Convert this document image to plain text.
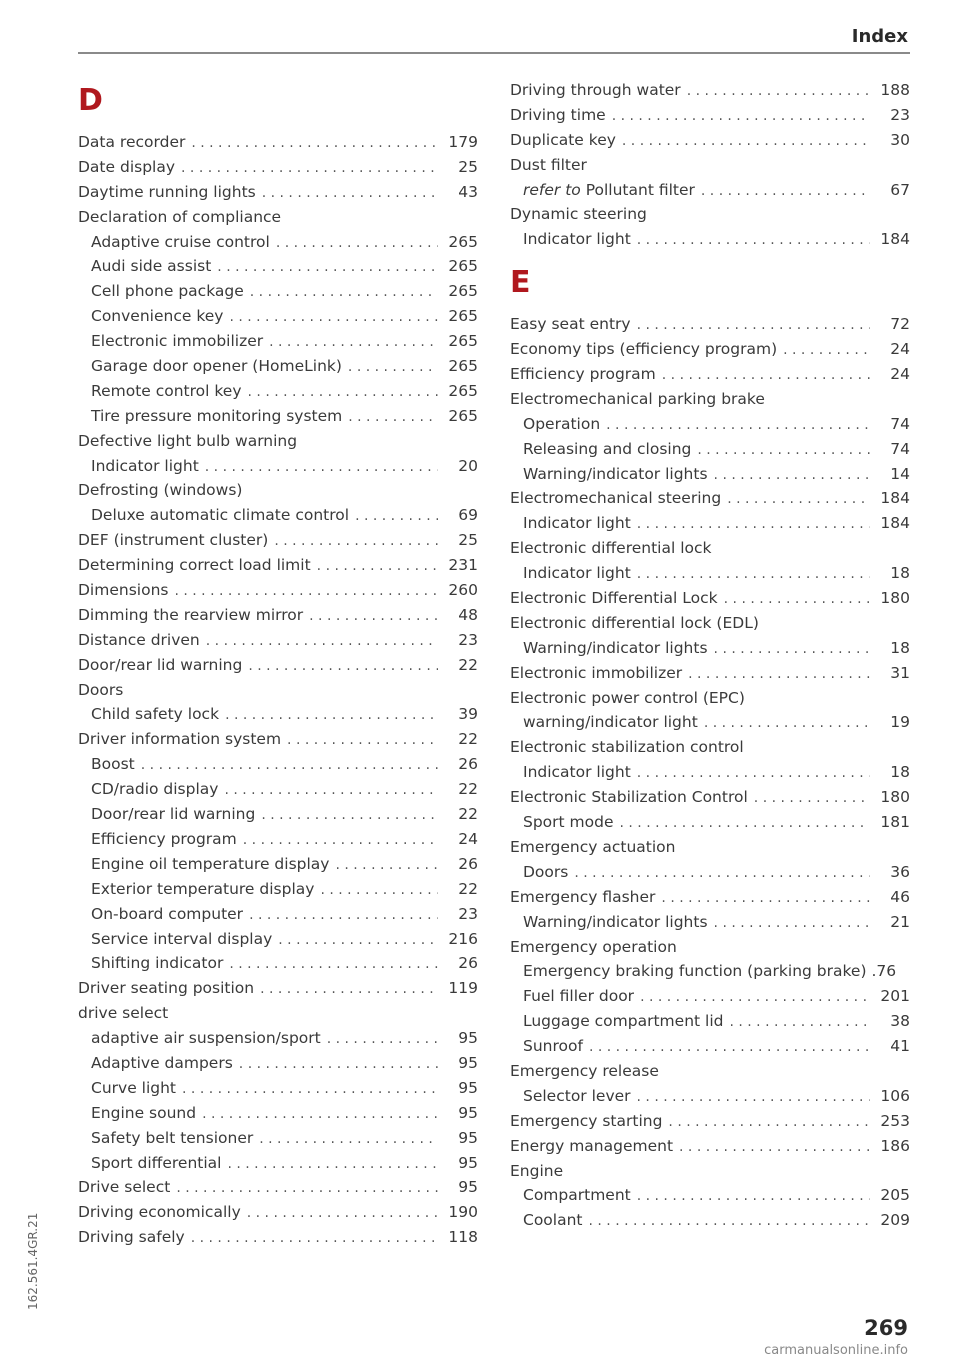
Index
D
Data recorder . . .	179
Date display . . .	25
Daytime running lights . . .	43
Declaration of compliance
Adaptive cruise control . . .	265
Audi side assist . . .	265
Cell phone package . . .	265
Convenience key . . .	265
Electronic immobilizer . . .	265
Garage door opener (HomeLink) . . .	265
Remote control key . . .	265
Tire pressure monitoring system . . .	265
Defective light bulb warning
Indicator light . . .	20
Defrosting (windows)
Deluxe automatic climate control . . .	69
DEF (instrument cluster) . . .	25
Determining correct load limit . . .	231
Dimensions . . .	260
Dimming the rearview mirror . . .	48
Distance driven . . .	23
Door/rear lid warning . . .	22
Doors
Child safety lock . . .	39
Driver information system . . .	22
Boost . . .	26
CD/radio display . . .	22
Door/rear lid warning . . .	22
Efficiency program . . .	24
Engine oil temperature display . . .	26
Exterior temperature display . . .	22
On-board computer . . .	23
Service interval display . . .	216
Shifting indicator . . .	26
Driver seating position . . .	119
drive select
adaptive air suspension/sport . . .	95
Adaptive dampers . . .	95
Curve light . . .	95
Engine sound . . .	95
Safety belt tensioner . . .	95
Sport differential . . .	95
Drive select . . .	95
Driving economically . . .	190
Driving safely . . .	118
Driving through water . . .	188
Driving time . . .	23
Duplicate key . . .	30
Dust filter
refer to Pollutant filter . . .	67
Dynamic steering
Indicator light . . .	184
E
Easy seat entry . . .	72
Economy tips (efficiency program) . . .	24
Efficiency program . . .	24
Electromechanical parking brake
Operation . . .	74
Releasing and closing . . .	74
Warning/indicator lights . . .	14
Electromechanical steering . . .	184
Indicator light . . .	184
Electronic differential lock
Indicator light . . .	18
Electronic Differential Lock . . .	180
Electronic differential lock (EDL)
Warning/indicator lights . . .	18
Electronic immobilizer . . .	31
Electronic power control (EPC)
warning/indicator light . . .	19
Electronic stabilization control
Indicator light . . .	18
Electronic Stabilization Control . . .	180
Sport mode . . .	181
Emergency actuation
Doors . . .	36
Emergency flasher . . .	46
Warning/indicator lights . . .	21
Emergency operation
Emergency braking function (parking brake) .76
Fuel filler door . . .	201
Luggage compartment lid . . .	38
Sunroof . . .	41
Emergency release
Selector lever . . .	106
Emergency starting . . .	253
Energy management . . .	186
Engine
Compartment . . .	205
Coolant . . .	209
162.561.4GR.21
269
carmanualsonline.info
